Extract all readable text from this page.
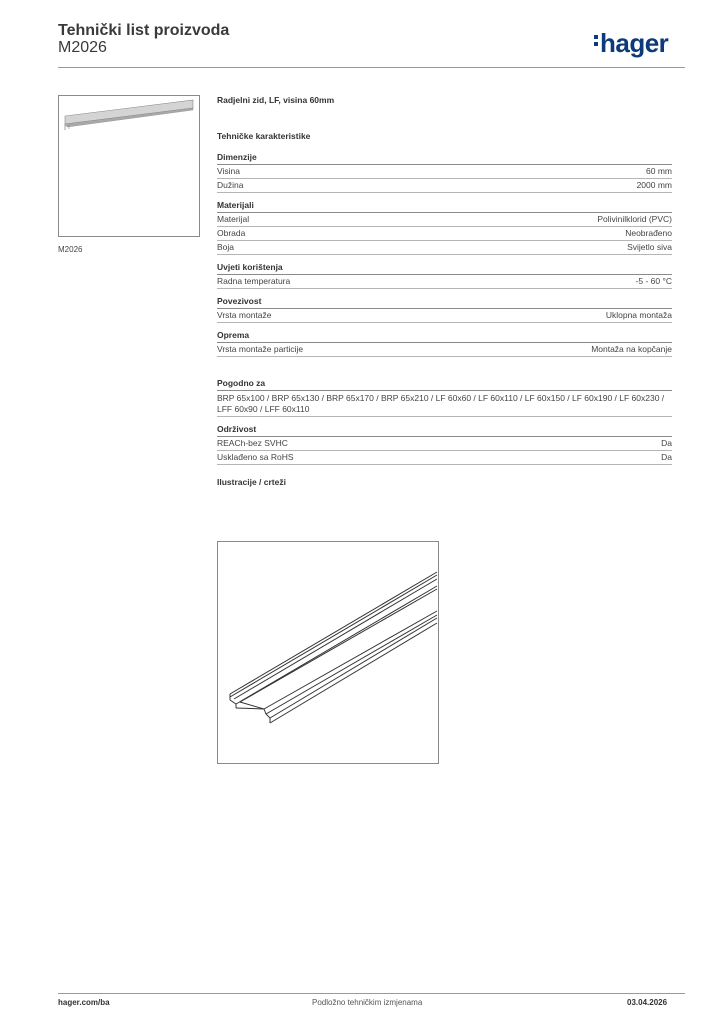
Tehnički list proizvoda
M2026	hager
M2026
Radjelni zid, LF, visina 60mm
Tehničke karakteristike
Dimenzije
Visina	60 mm
Dužina	2000 mm
Materijali
Materijal	Polivinilklorid (PVC)
Obrada	Neobrađeno
Boja	Svijetlo siva
Uvjeti korištenja
Radna temperatura	-5 - 60 °C
Povezivost
Vrsta montaže	Uklopna montaža
Oprema
Vrsta montaže particije	Montaža na kopčanje
Pogodno za
BRP 65x100 / BRP 65x130 / BRP 65x170 / BRP 65x210 / LF 60x60 / LF 60x110 / LF 60x150 / LF 60x190 / LF 60x230 / LFF 60x90 / LFF 60x110
Održivost
REACh-bez SVHC	Da
Usklađeno sa RoHS	Da
Ilustracije / crteži
hager.com/ba	Podložno tehničkim izmjenama	03.04.2026
